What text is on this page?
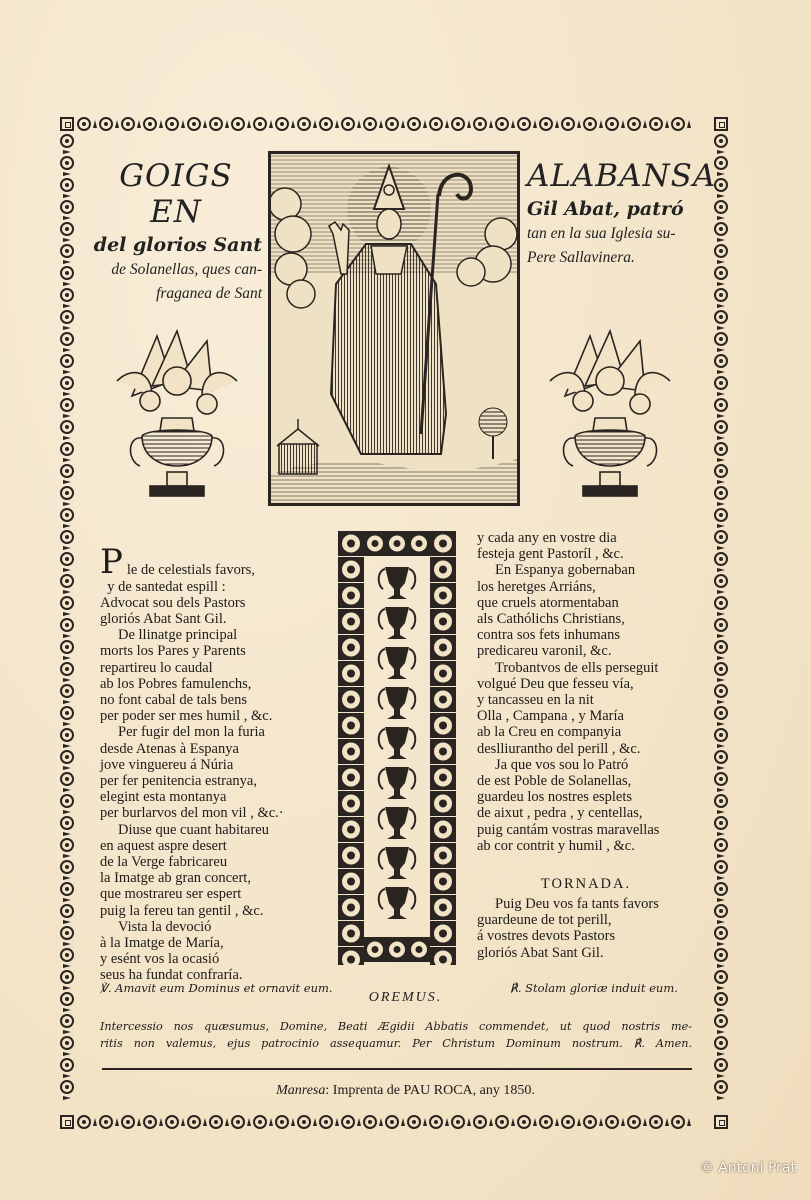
GOIGS EN
del glorios Sant
de Solanellas, ques can-
fraganea de Sant
ALABANSA
Gil Abat, patró
tan en la sua Iglesia su-
Pere Sallavinera.

P le de celestials favors,
y de santedat espill :
Advocat sou dels Pastors
gloriós Abat Sant Gil.
De llinatge principal
morts los Pares y Parents
repartireu lo caudal
ab los Pobres famulenchs,
no font cabal de tals bens
per poder ser mes humil , &c.
Per fugir del mon la furia
desde Atenas à Espanya
jove vinguereu á Núria
per fer penitencia estranya,
elegint esta montanya
per burlarvos del mon vil , &c.·
Diuse que cuant habitareu
en aquest aspre desert
de la Verge fabricareu
la Imatge ab gran concert,
que mostrareu ser espert
puig la fereu tan gentil , &c.
Vista la devoció
à la Imatge de María,
y esént vos la ocasió
seus ha fundat confraría.
y cada any en vostre dia
festeja gent Pastoríl , &c.
En Espanya gobernaban
los heretges Arriáns,
que cruels atormentaban
als Cathólichs Christians,
contra sos fets inhumans
predicareu varonil, &c.
Trobantvos de ells perseguit
volgué Deu que fesseu vía,
y tancasseu en la nit
Olla , Campana , y María
ab la Creu en companyia
deslliurantho del perill , &c.
Ja que vos sou lo Patró
de est Poble de Solanellas,
guardeu los nostres esplets
de aixut , pedra , y centellas,
puig cantám vostras maravellas
ab cor contrit y humil , &c.
TORNADA.
Puig Deu vos fa tants favors
guardeune de tot perill,
á vostres devots Pastors
gloriós Abat Sant Gil.
℣. Amavit eum Dominus et ornavit eum.	℟. Stolam gloriæ induit eum.
OREMUS.
Intercessio nos quæsumus, Domine, Beati Ægidii Abbatis commendet, ut quod nostris me-
ritis non valemus, ejus patrocinio assequamur. Per Christum Dominum nostrum. ℟. Amen.
Manresa: Imprenta de PAU ROCA, any 1850.
© Antoni Prat
